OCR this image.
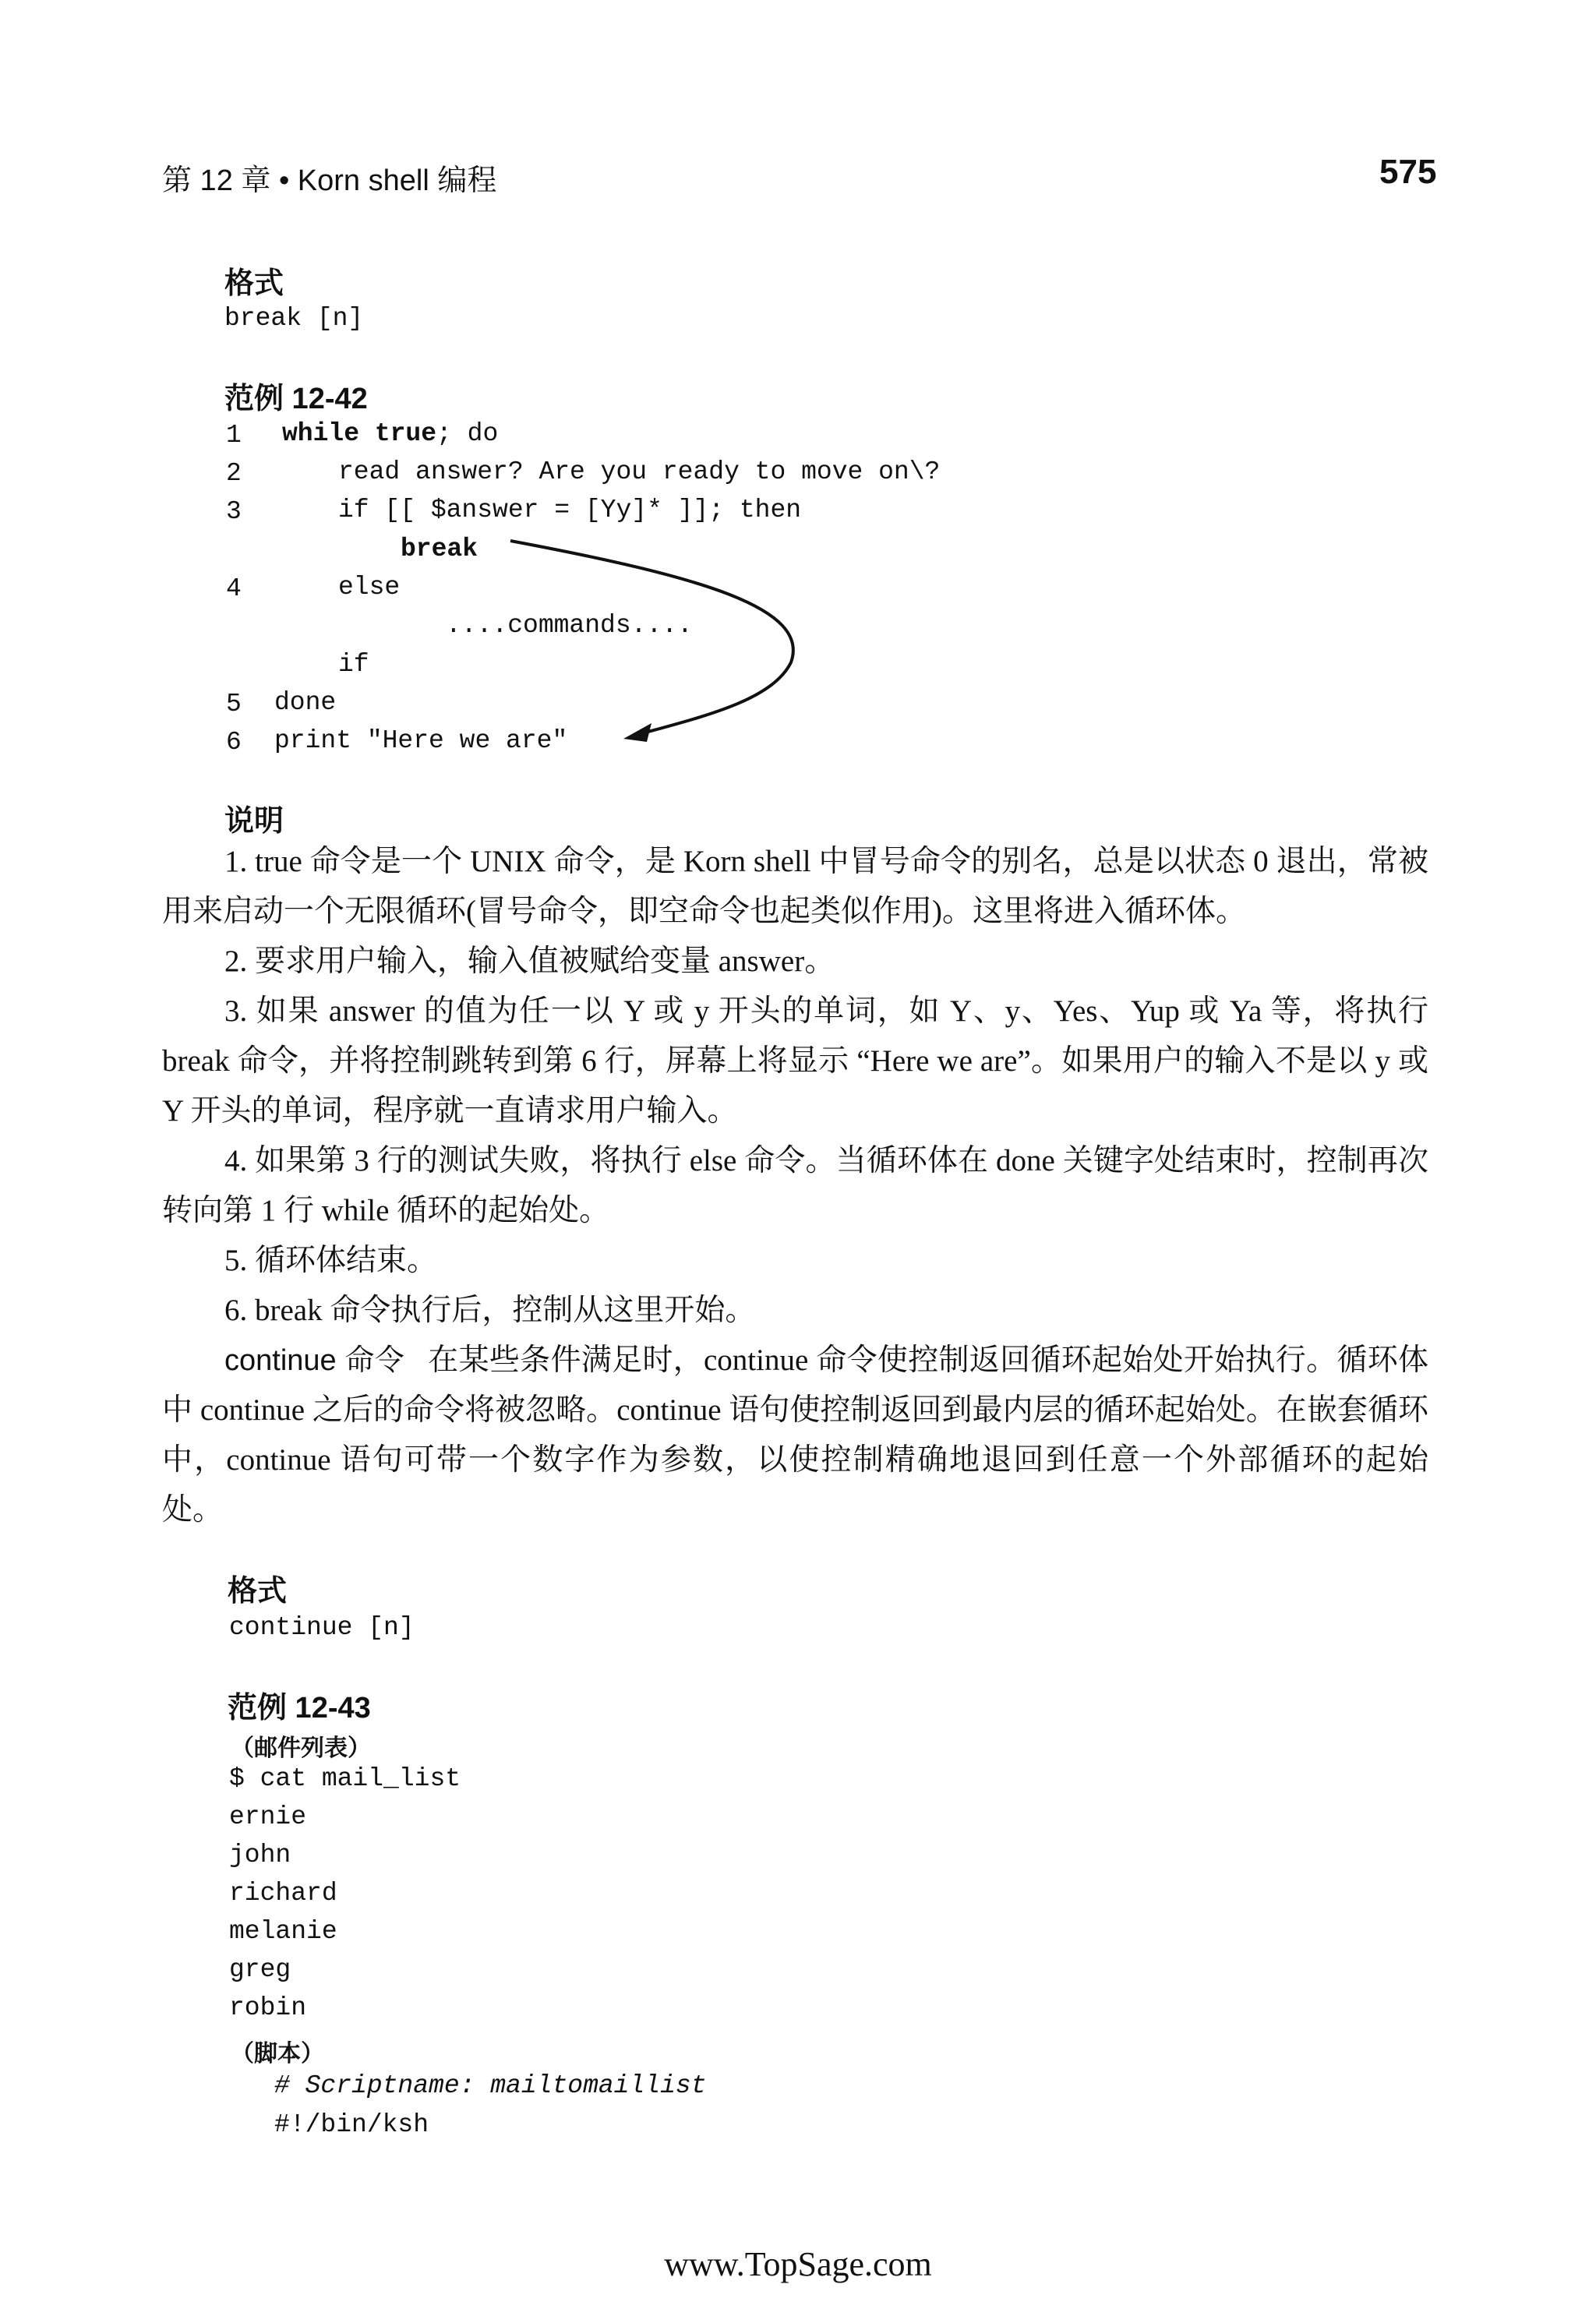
第 12 章 • Korn shell 编程	575
格式
break [n]
范例 12-42
1 while true; do
2	read answer? Are you ready to move on\?
3	if [[ $answer = [Yy]* ]]; then
break
4	else
....commands....
if
5 done
6 print "Here we are"
说明

1. true 命令是一个 UNIX 命令，是 Korn shell 中冒号命令的别名，总是以状态 0 退出，常被用来启动一个无限循环(冒号命令，即空命令也起类似作用)。这里将进入循环体。

2. 要求用户输入，输入值被赋给变量 answer。

3. 如果 answer 的值为任一以 Y 或 y 开头的单词，如 Y、y、Yes、Yup 或 Ya 等，将执行 break 命令，并将控制跳转到第 6 行，屏幕上将显示 “Here we are”。如果用户的输入不是以 y 或 Y 开头的单词，程序就一直请求用户输入。

4. 如果第 3 行的测试失败，将执行 else 命令。当循环体在 done 关键字处结束时，控制再次转向第 1 行 while 循环的起始处。

5. 循环体结束。

6. break 命令执行后，控制从这里开始。

continue 命令 在某些条件满足时，continue 命令使控制返回循环起始处开始执行。循环体中 continue 之后的命令将被忽略。continue 语句使控制返回到最内层的循环起始处。在嵌套循环中，continue 语句可带一个数字作为参数，以使控制精确地退回到任意一个外部循环的起始处。

格式
continue [n]
范例 12-43
（邮件列表）
$ cat mail_list
ernie
john
richard
melanie
greg
robin
（脚本）
# Scriptname: mailtomaillist
#!/bin/ksh
www.TopSage.com
